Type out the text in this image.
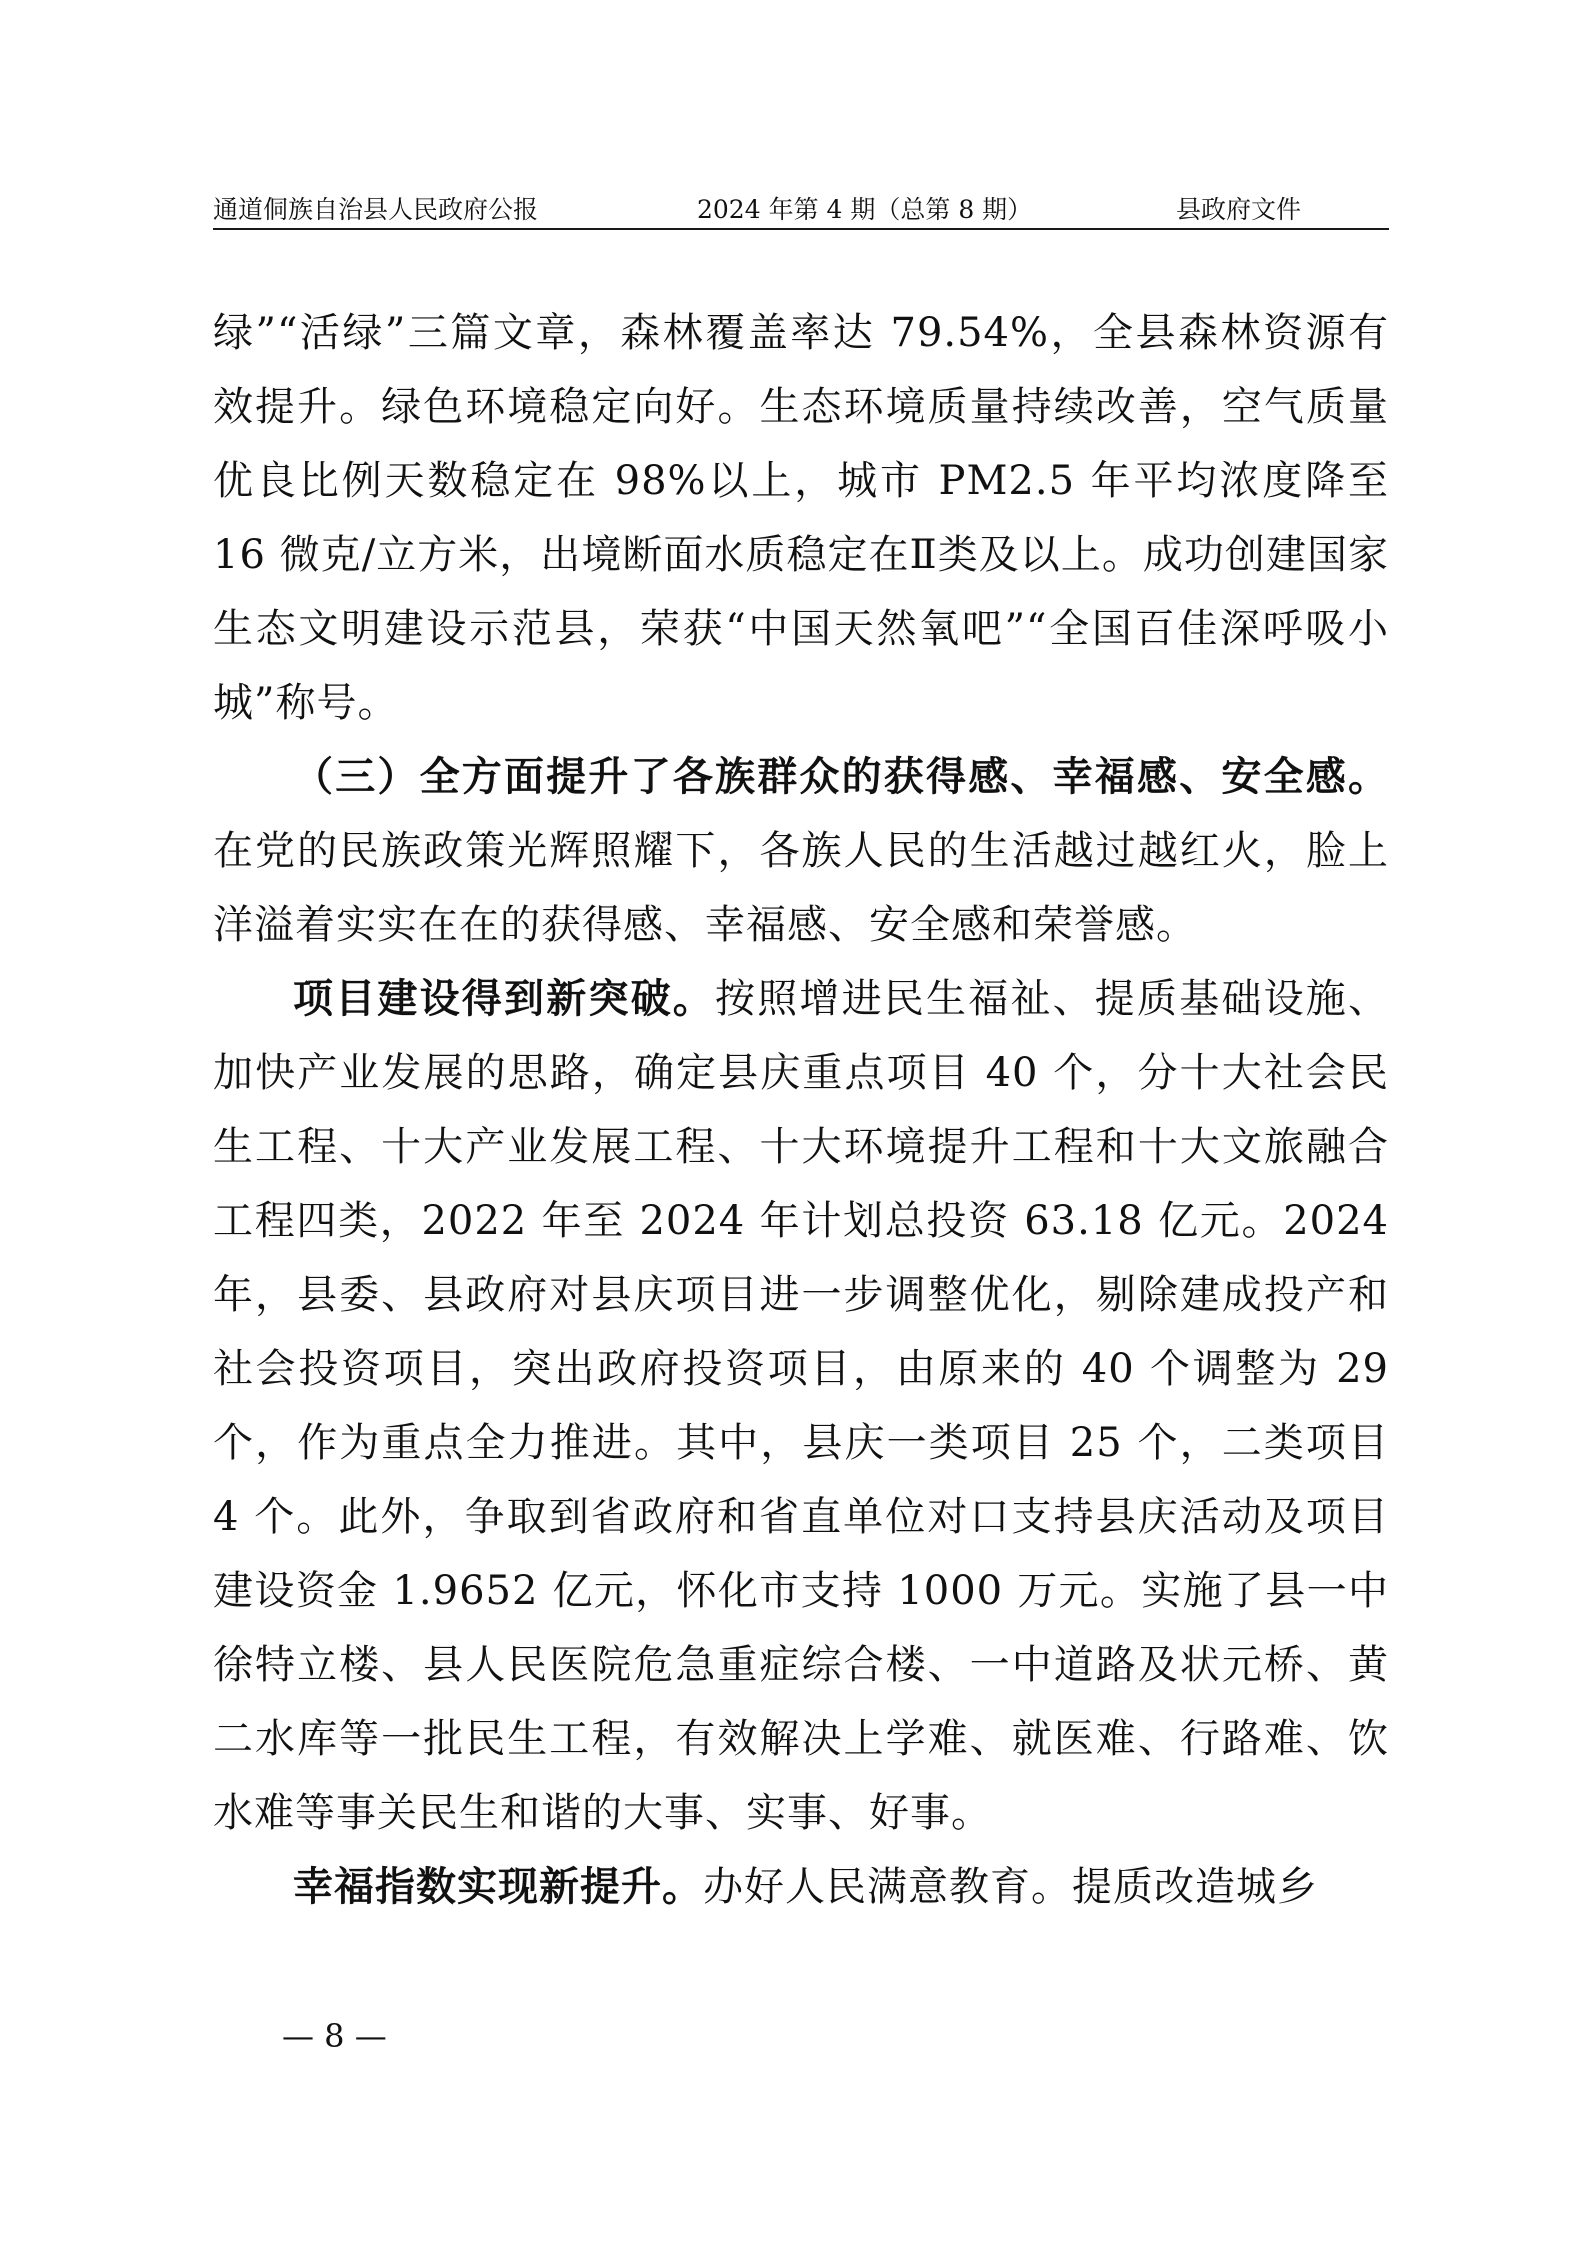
通道侗族自治县人民政府公报	2024 年第 4 期（总第 8 期）	县政府文件

绿”“活绿”三篇文章，森林覆盖率达 79.54%，全县森林资源有效提升。绿色环境稳定向好。生态环境质量持续改善，空气质量优良比例天数稳定在 98%以上，城市 PM2.5 年平均浓度降至 16 微克/立方米，出境断面水质稳定在Ⅱ类及以上。成功创建国家生态文明建设示范县，荣获“中国天然氧吧”“全国百佳深呼吸小城”称号。

（三）全方面提升了各族群众的获得感、幸福感、安全感。在党的民族政策光辉照耀下，各族人民的生活越过越红火，脸上洋溢着实实在在的获得感、幸福感、安全感和荣誉感。

项目建设得到新突破。按照增进民生福祉、提质基础设施、加快产业发展的思路，确定县庆重点项目 40 个，分十大社会民生工程、十大产业发展工程、十大环境提升工程和十大文旅融合工程四类，2022 年至 2024 年计划总投资 63.18 亿元。2024 年，县委、县政府对县庆项目进一步调整优化，剔除建成投产和社会投资项目，突出政府投资项目，由原来的 40 个调整为 29 个，作为重点全力推进。其中，县庆一类项目 25 个，二类项目 4 个。此外，争取到省政府和省直单位对口支持县庆活动及项目建设资金 1.9652 亿元，怀化市支持 1000 万元。实施了县一中徐特立楼、县人民医院危急重症综合楼、一中道路及状元桥、黄二水库等一批民生工程，有效解决上学难、就医难、行路难、饮水难等事关民生和谐的大事、实事、好事。

幸福指数实现新提升。办好人民满意教育。提质改造城乡

— 8 —
